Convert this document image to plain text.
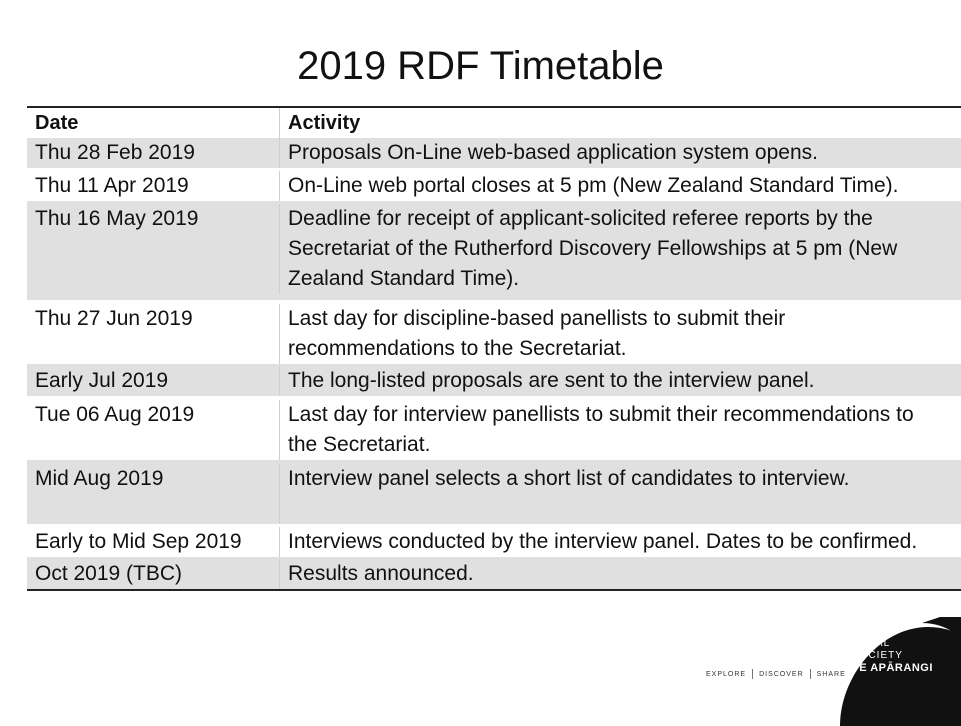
2019 RDF Timetable
Date	Activity
Thu 28 Feb 2019	Proposals On-Line web-based application system opens.
Thu 11 Apr 2019	On-Line web portal closes at 5 pm (New Zealand Standard Time).
Thu 16 May 2019	Deadline for receipt of applicant-solicited referee reports by the Secretariat of the Rutherford Discovery Fellowships at 5 pm (New Zealand Standard Time).
Thu 27 Jun 2019	Last day for discipline-based panellists to submit their recommendations to the Secretariat.
Early Jul 2019	The long-listed proposals are sent to the interview panel.
Tue 06 Aug 2019	Last day for interview panellists to submit their recommendations to the Secretariat.
Mid Aug 2019	Interview panel selects a short list of candidates to interview.
Early to Mid Sep 2019	Interviews conducted by the interview panel. Dates to be confirmed.
Oct 2019 (TBC)	Results announced.
EXPLORE DISCOVER SHARE
ROYAL
SOCIETY
TE APĀRANGI
